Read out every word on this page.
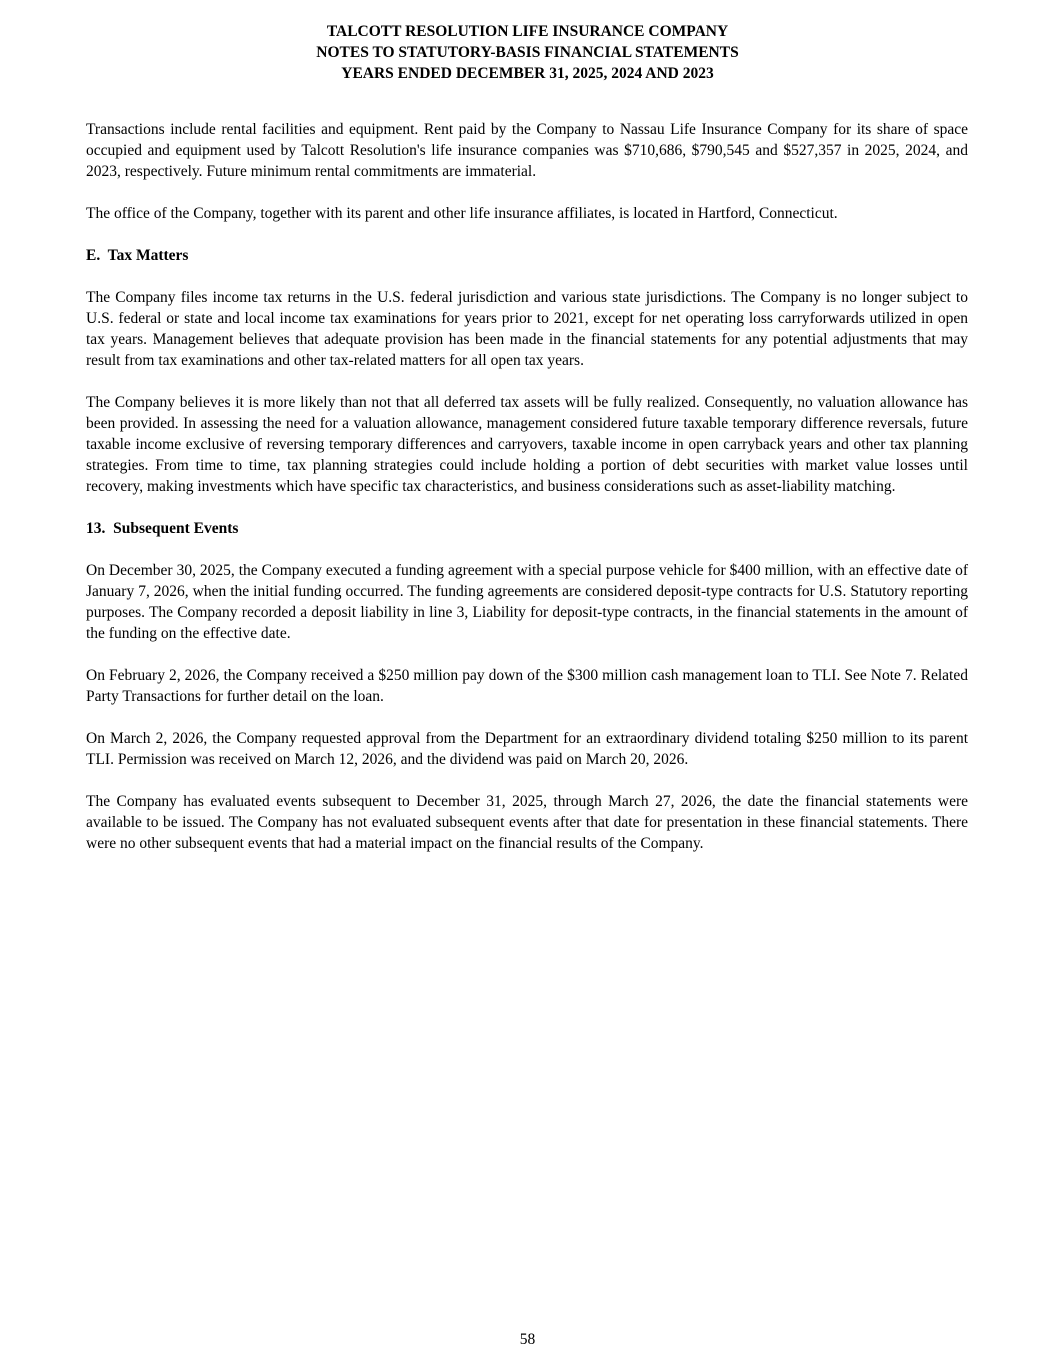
TALCOTT RESOLUTION LIFE INSURANCE COMPANY
NOTES TO STATUTORY-BASIS FINANCIAL STATEMENTS
YEARS ENDED DECEMBER 31, 2025, 2024 AND 2023

Transactions include rental facilities and equipment. Rent paid by the Company to Nassau Life Insurance Company for its share of space occupied and equipment used by Talcott Resolution's life insurance companies was $710,686, $790,545 and $527,357 in 2025, 2024, and 2023, respectively. Future minimum rental commitments are immaterial.

The office of the Company, together with its parent and other life insurance affiliates, is located in Hartford, Connecticut.

E.  Tax Matters

The Company files income tax returns in the U.S. federal jurisdiction and various state jurisdictions. The Company is no longer subject to U.S. federal or state and local income tax examinations for years prior to 2021, except for net operating loss carryforwards utilized in open tax years. Management believes that adequate provision has been made in the financial statements for any potential adjustments that may result from tax examinations and other tax-related matters for all open tax years.

The Company believes it is more likely than not that all deferred tax assets will be fully realized. Consequently, no valuation allowance has been provided. In assessing the need for a valuation allowance, management considered future taxable temporary difference reversals, future taxable income exclusive of reversing temporary differences and carryovers, taxable income in open carryback years and other tax planning strategies. From time to time, tax planning strategies could include holding a portion of debt securities with market value losses until recovery, making investments which have specific tax characteristics, and business considerations such as asset-liability matching.

13.  Subsequent Events

On December 30, 2025, the Company executed a funding agreement with a special purpose vehicle for $400 million, with an effective date of January 7, 2026, when the initial funding occurred. The funding agreements are considered deposit-type contracts for U.S. Statutory reporting purposes. The Company recorded a deposit liability in line 3, Liability for deposit-type contracts, in the financial statements in the amount of the funding on the effective date.

On February 2, 2026, the Company received a $250 million pay down of the $300 million cash management loan to TLI. See Note 7. Related Party Transactions for further detail on the loan.

On March 2, 2026, the Company requested approval from the Department for an extraordinary dividend totaling $250 million to its parent TLI. Permission was received on March 12, 2026, and the dividend was paid on March 20, 2026.

The Company has evaluated events subsequent to December 31, 2025, through March 27, 2026, the date the financial statements were available to be issued. The Company has not evaluated subsequent events after that date for presentation in these financial statements. There were no other subsequent events that had a material impact on the financial results of the Company.

58
